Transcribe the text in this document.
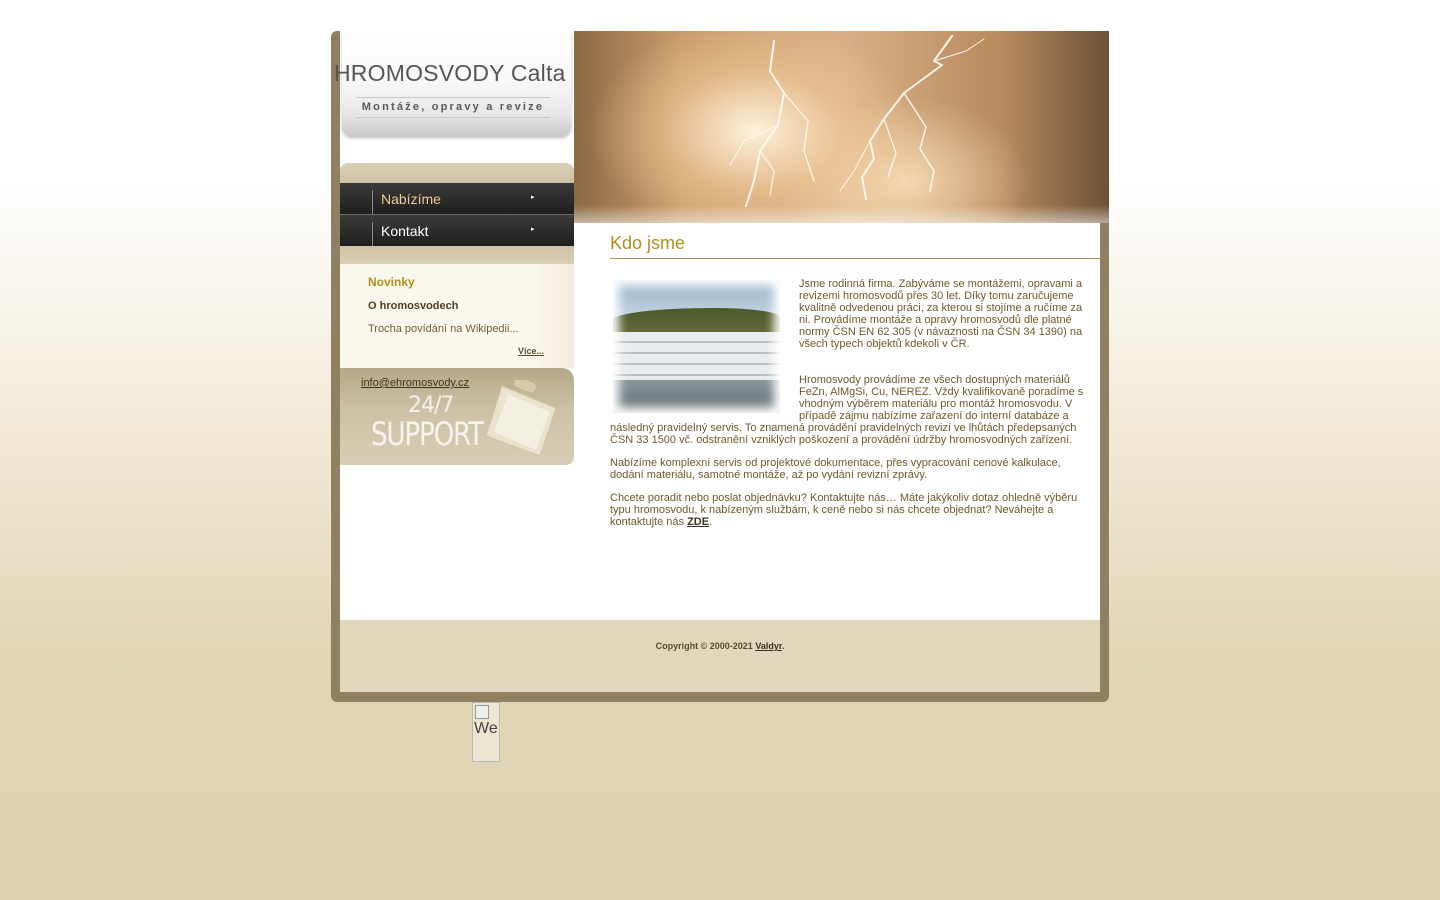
HROMOSVODY Calta
Montáže, opravy a revize
Nabízíme	▸
Kontakt	▸
Novinky
O hromosvodech
Trocha povídání na Wikipedii...
Více...
info@ehromosvody.cz
24/7
SUPPORT
Kdo jsme

Jsme rodinná firma. Zabýváme se montážemi, opravami a revizemi hromosvodů přes 30 let. Díky tomu zaručujeme kvalitně odvedenou práci, za kterou si stojíme a ručíme za ni. Provádíme montáže a opravy hromosvodů dle platné normy ČSN EN 62 305 (v návaznosti na ČSN 34 1390) na všech typech objektů kdekoli v ČR.

Hromosvody provádíme ze všech dostupných materiálů FeZn, AlMgSi, Cu, NEREZ. Vždy kvalifikovaně poradíme s vhodným výběrem materiálu pro montáž hromosvodu. V případě zájmu nabízíme zařazení do interní databáze a

následný pravidelný servis. To znamená provádění pravidelných revizí ve lhůtách předepsaných ČSN 33 1500 vč. odstranění vzniklých poškození a provádění údržby hromosvodných zařízení.

Nabízíme komplexní servis od projektové dokumentace, přes vypracování cenové kalkulace, dodání materiálu, samotné montáže, až po vydání revizní zprávy.

Chcete poradit nebo poslat objednávku? Kontaktujte nás… Máte jakýkoliv dotaz ohledně výběru typu hromosvodu, k nabízeným službám, k ceně nebo si nás chcete objednat? Neváhejte a kontaktujte nás ZDE.

Copyright © 2000-2021 Valdyr.
We
